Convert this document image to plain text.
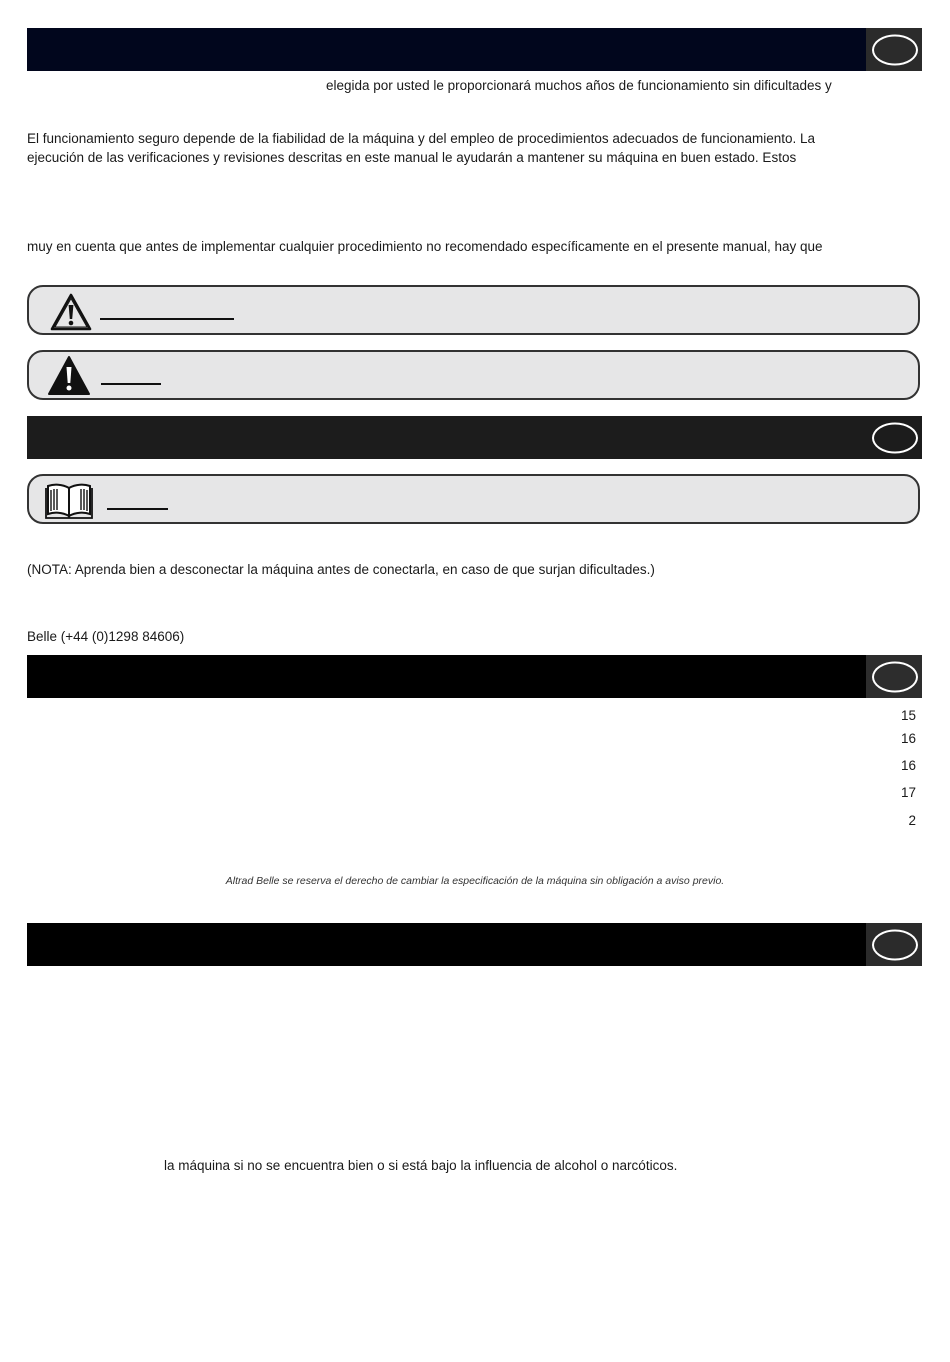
elegida por usted le proporcionará muchos años de funcionamiento sin dificultades y
El funcionamiento seguro depende de la fiabilidad de la máquina y del empleo de procedimientos adecuados de funcionamiento. La
ejecución de las verificaciones y revisiones descritas en este manual le ayudarán a mantener su máquina en buen estado. Estos
muy en cuenta que antes de implementar cualquier procedimiento no recomendado específicamente en el presente manual, hay que
(NOTA: Aprenda bien a desconectar la máquina antes de conectarla, en caso de que surjan dificultades.)
Belle (+44 (0)1298 84606)
15
16
16
17
2
Altrad Belle se reserva el derecho de cambiar la especificación de la máquina sin obligación a aviso previo.
la máquina si no se encuentra bien o si está bajo la influencia de alcohol o narcóticos.
